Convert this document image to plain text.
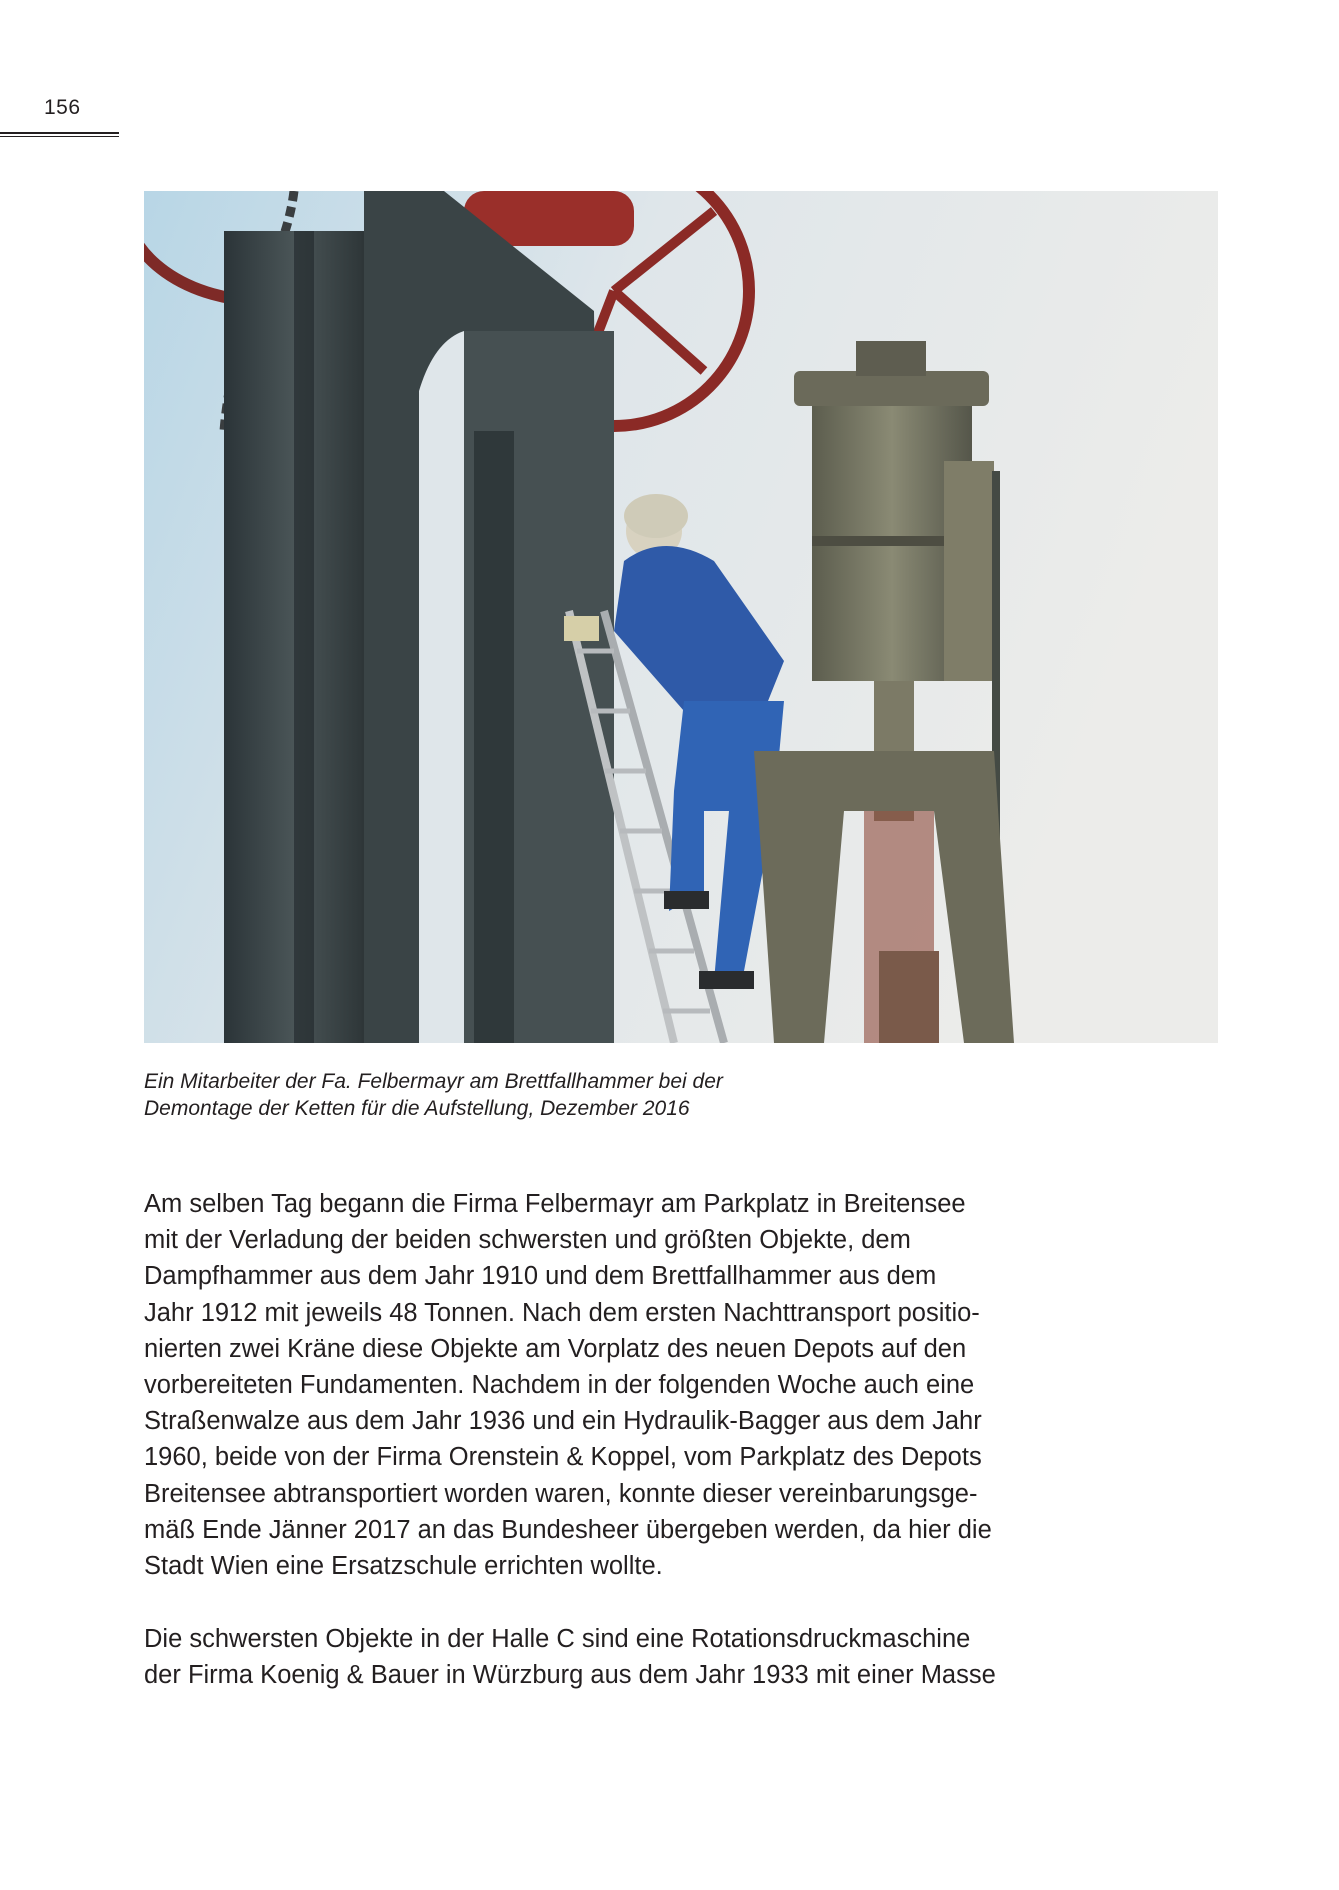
156
Ein Mitarbeiter der Fa. Felbermayr am Brettfallhammer bei der
Demontage der Ketten für die Aufstellung, Dezember 2016
Am selben Tag begann die Firma Felbermayr am Parkplatz in Breitensee
mit der Verladung der beiden schwersten und größten Objekte, dem
Dampfhammer aus dem Jahr 1910 und dem Brettfallhammer aus dem
Jahr 1912 mit jeweils 48 Tonnen. Nach dem ersten Nachttransport positio-
nierten zwei Kräne diese Objekte am Vorplatz des neuen Depots auf den
vorbereiteten Fundamenten. Nachdem in der folgenden Woche auch eine
Straßenwalze aus dem Jahr 1936 und ein Hydraulik-Bagger aus dem Jahr
1960, beide von der Firma Orenstein & Koppel, vom Parkplatz des Depots
Breitensee abtransportiert worden waren, konnte dieser vereinbarungsge-
mäß Ende Jänner 2017 an das Bundesheer übergeben werden, da hier die
Stadt Wien eine Ersatzschule errichten wollte.
Die schwersten Objekte in der Halle C sind eine Rotationsdruckmaschine
der Firma Koenig & Bauer in Würzburg aus dem Jahr 1933 mit einer Masse
